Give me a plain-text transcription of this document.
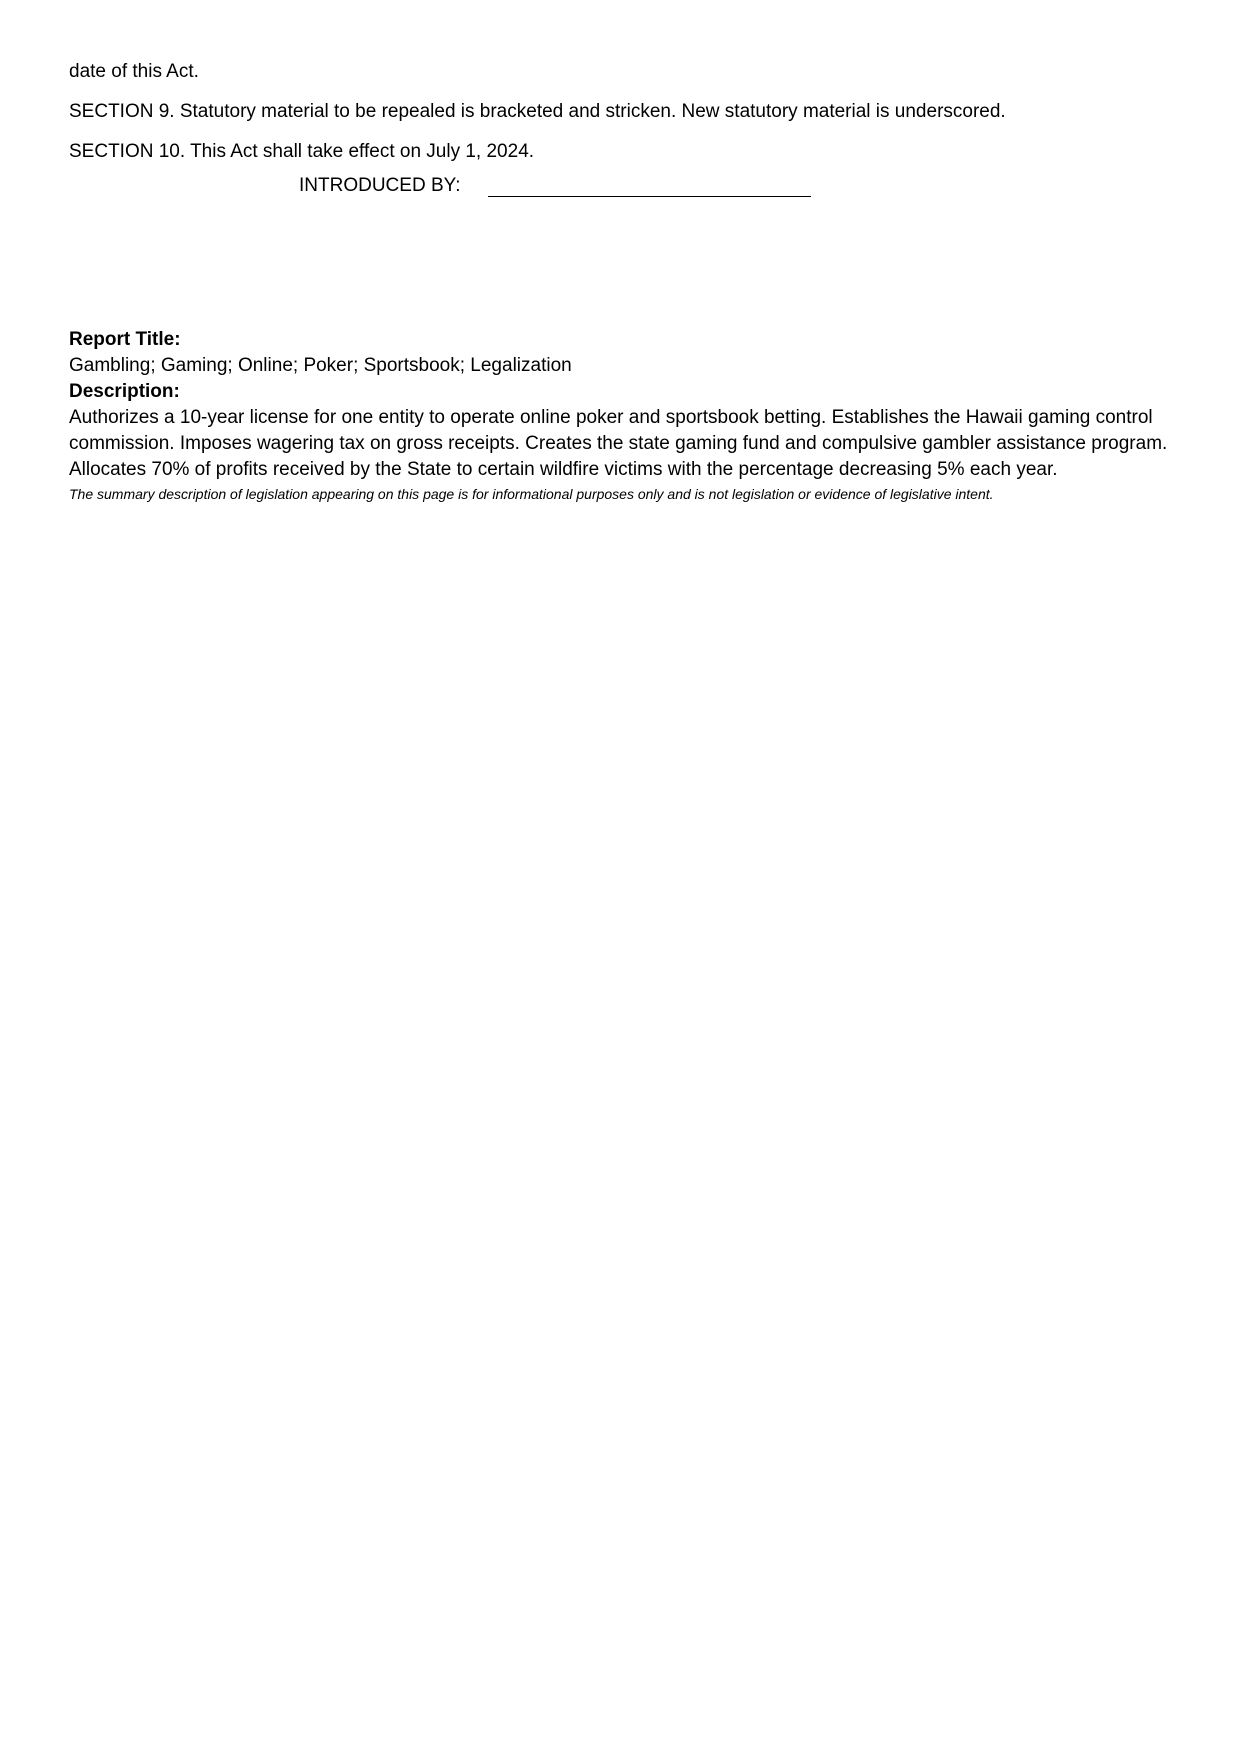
date of this Act.
SECTION 9. Statutory material to be repealed is bracketed and stricken. New statutory material is underscored.
SECTION 10. This Act shall take effect on July 1, 2024.
INTRODUCED BY:
Report Title:
Gambling; Gaming; Online; Poker; Sportsbook; Legalization
Description:
Authorizes a 10-year license for one entity to operate online poker and sportsbook betting. Establishes the Hawaii gaming control commission. Imposes wagering tax on gross receipts. Creates the state gaming fund and compulsive gambler assistance program. Allocates 70% of profits received by the State to certain wildfire victims with the percentage decreasing 5% each year.
The summary description of legislation appearing on this page is for informational purposes only and is not legislation or evidence of legislative intent.
